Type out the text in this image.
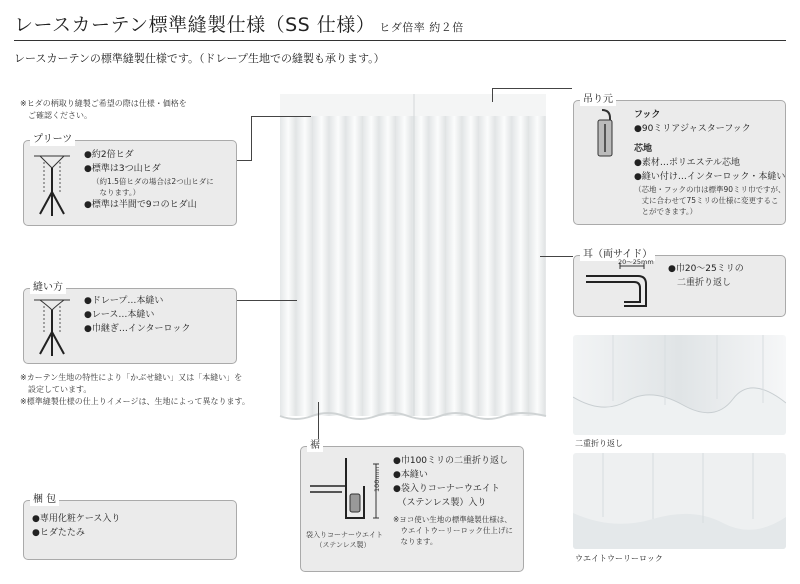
レースカーテン標準縫製仕様（SS 仕様） ヒダ倍率 約２倍
レースカーテンの標準縫製仕様です。（ドレープ生地での縫製も承ります。）
※ヒダの柄取り縫製ご希望の際は仕様・価格を
　ご確認ください。
プリーツ
●約2倍ヒダ
●標準は3つ山ヒダ
（約1.5倍ヒダの場合は2つ山ヒダに
　なります。）
●標準は半間で9コのヒダ山
縫い方
●ドレープ…本縫い
●レース…本縫い
●巾継ぎ…インターロック
※カーテン生地の特性により「かぶせ縫い」又は「本縫い」を
　設定しています。
※標準縫製仕様の仕上りイメージは、生地によって異なります。
梱 包
●専用化粧ケース入り
●ヒダたたみ
吊り元
フック
●90ミリアジャスターフック
芯地
●素材…ポリエステル芯地
●縫い付け…インターロック・本縫い
（芯地・フックの巾は標準90ミリ巾ですが、
　丈に合わせて75ミリの仕様に変更するこ
　とができます。）
耳（両サイド）
20～25mm
●巾20～25ミリの
　二重折り返し
二重折り返し
ウエイトウーリーロック
裾
100mm
袋入りコーナーウエイト
（ステンレス製）
●巾100ミリの二重折り返し
●本縫い
●袋入りコーナーウエイト
　（ステンレス製）入り
※ヨコ使い生地の標準縫製仕様は、
　ウエイトウーリーロック仕上げに
　なります。
